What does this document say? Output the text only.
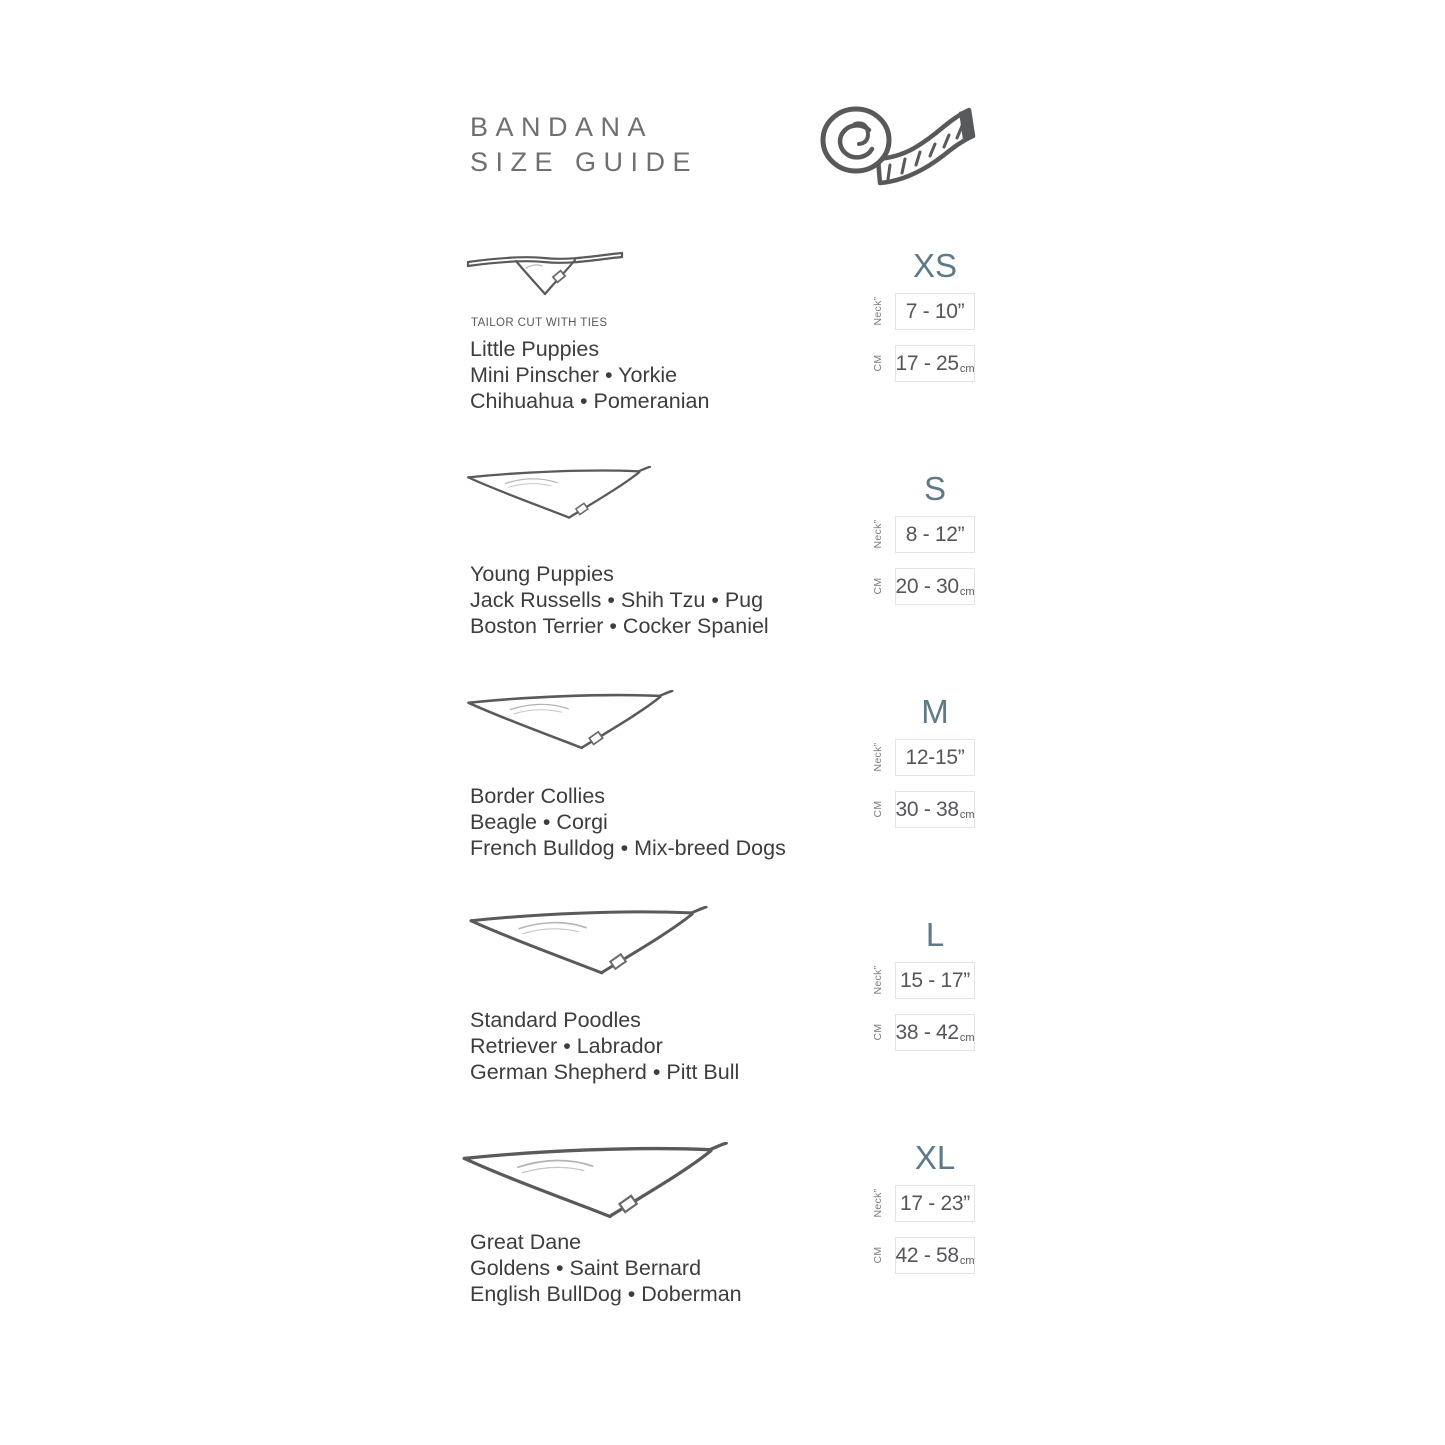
BANDANA
SIZE GUIDE
TAILOR CUT WITH TIES
Little Puppies
Mini Pinscher • Yorkie
Chihuahua • Pomeranian
XS
Neck” 7 - 10”
CM 17 - 25 cm
Young Puppies
Jack Russells • Shih Tzu • Pug
Boston Terrier • Cocker Spaniel
S
Neck” 8 - 12”
CM 20 - 30 cm
Border Collies
Beagle • Corgi
French Bulldog • Mix-breed Dogs
M
Neck” 12-15”
CM 30 - 38 cm
Standard Poodles
Retriever • Labrador
German Shepherd • Pitt Bull
L
Neck” 15 - 17”
CM 38 - 42 cm
Great Dane
Goldens • Saint Bernard
English BullDog • Doberman
XL
Neck” 17 - 23”
CM 42 - 58 cm
